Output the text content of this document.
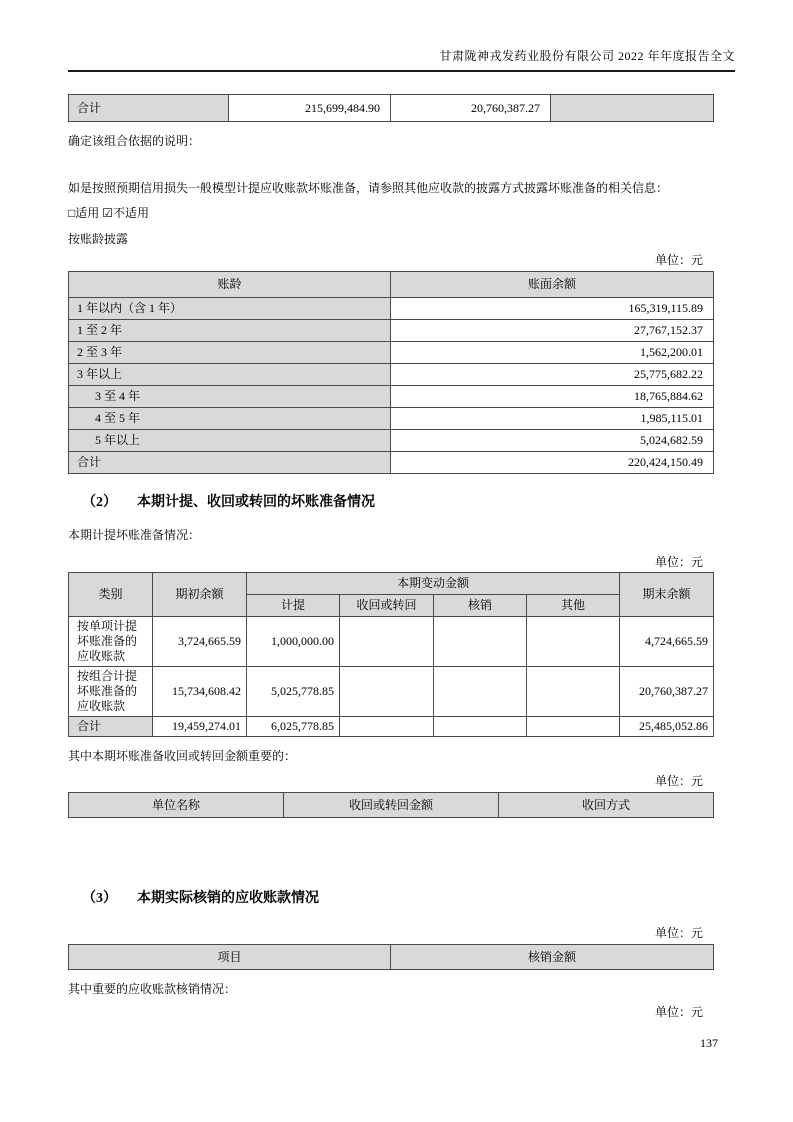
甘肃陇神戎发药业股份有限公司 2022 年年度报告全文
合计	215,699,484.90	20,760,387.27	

确定该组合依据的说明：

如是按照预期信用损失一般模型计提应收账款坏账准备，请参照其他应收款的披露方式披露坏账准备的相关信息：

□适用 ☑不适用

按账龄披露

单位：元
账龄	账面余额
1 年以内（含 1 年）	165,319,115.89
1 至 2 年	27,767,152.37
2 至 3 年	1,562,200.01
3 年以上	25,775,682.22
3 至 4 年	18,765,884.62
4 至 5 年	1,985,115.01
5 年以上	5,024,682.59
合计	220,424,150.49
（2） 本期计提、收回或转回的坏账准备情况

本期计提坏账准备情况：

单位：元
类别	期初余额	本期变动金额				期末余额
		计提	收回或转回	核销	其他	
按单项计提坏账准备的应收账款	3,724,665.59	1,000,000.00				4,724,665.59
按组合计提坏账准备的应收账款	15,734,608.42	5,025,778.85				20,760,387.27
合计	19,459,274.01	6,025,778.85				25,485,052.86

其中本期坏账准备收回或转回金额重要的：

单位：元
单位名称	收回或转回金额	收回方式
（3） 本期实际核销的应收账款情况
单位：元
项目	核销金额

其中重要的应收账款核销情况：

单位：元
137
